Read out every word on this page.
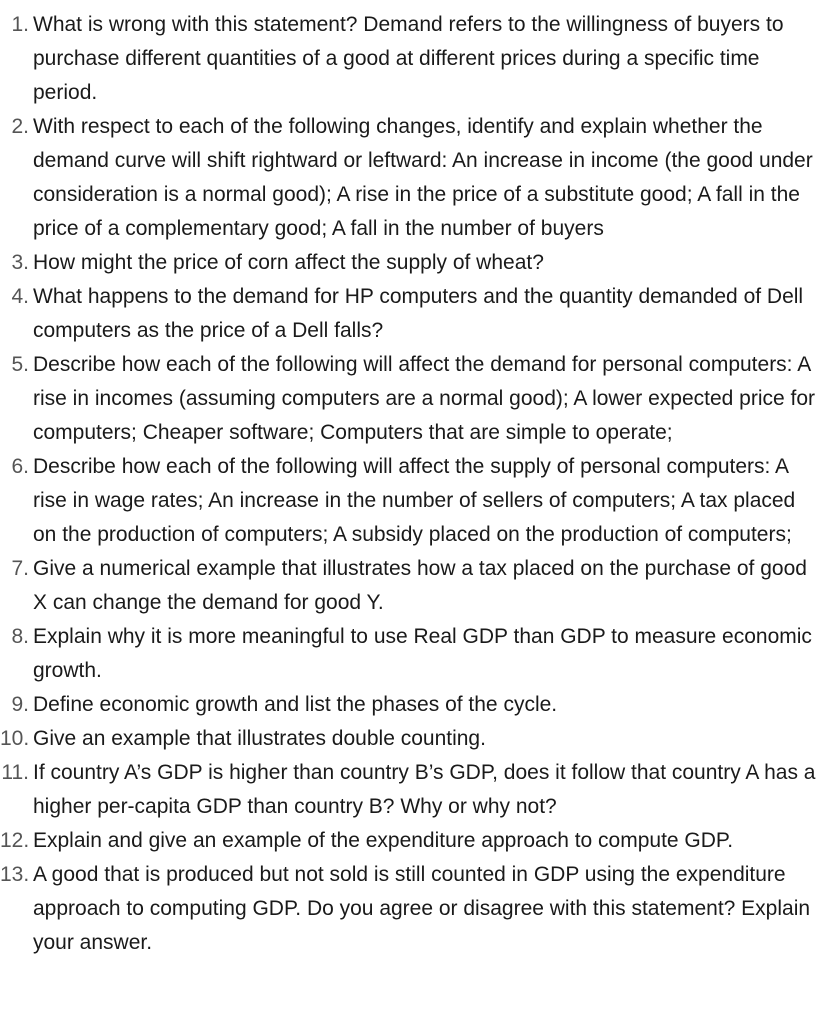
1. What is wrong with this statement? Demand refers to the willingness of buyers to purchase different quantities of a good at different prices during a specific time period.
2. With respect to each of the following changes, identify and explain whether the demand curve will shift rightward or leftward: An increase in income (the good under consideration is a normal good); A rise in the price of a substitute good; A fall in the price of a complementary good; A fall in the number of buyers
3. How might the price of corn affect the supply of wheat?
4. What happens to the demand for HP computers and the quantity demanded of Dell computers as the price of a Dell falls?
5. Describe how each of the following will affect the demand for personal computers: A rise in incomes (assuming computers are a normal good); A lower expected price for computers; Cheaper software; Computers that are simple to operate;
6. Describe how each of the following will affect the supply of personal computers: A rise in wage rates; An increase in the number of sellers of computers; A tax placed on the production of computers; A subsidy placed on the production of computers;
7. Give a numerical example that illustrates how a tax placed on the purchase of good X can change the demand for good Y.
8. Explain why it is more meaningful to use Real GDP than GDP to measure economic growth.
9. Define economic growth and list the phases of the cycle.
10. Give an example that illustrates double counting.
11. If country A’s GDP is higher than country B’s GDP, does it follow that country A has a higher per-capita GDP than country B? Why or why not?
12. Explain and give an example of the expenditure approach to compute GDP.
13. A good that is produced but not sold is still counted in GDP using the expenditure approach to computing GDP. Do you agree or disagree with this statement? Explain your answer.
